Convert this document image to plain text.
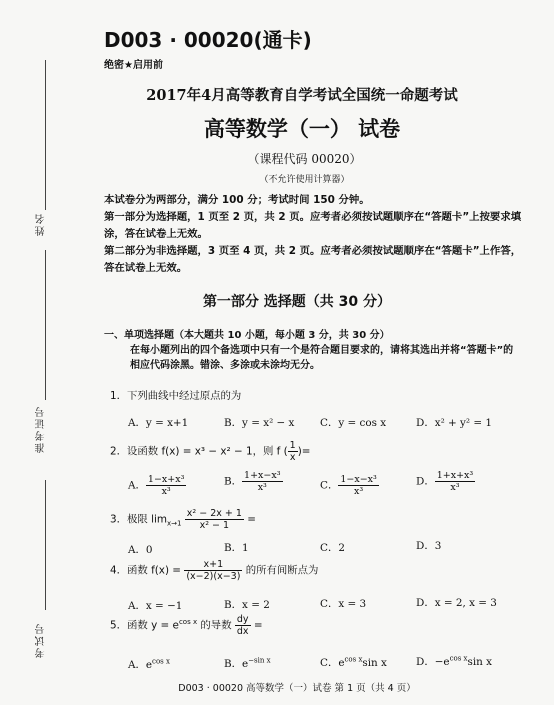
姓名
准考证号
考试号
D003 · 00020(通卡)
绝密★启用前
2017年4月高等教育自学考试全国统一命题考试
高等数学（一） 试卷
（课程代码 00020）
（不允许使用计算器）
本试卷分为两部分，满分 100 分；考试时间 150 分钟。
第一部分为选择题，1 页至 2 页，共 2 页。应考者必须按试题顺序在“答题卡”上按要求填涂，答在试卷上无效。
第二部分为非选择题，3 页至 4 页，共 2 页。应考者必须按试题顺序在“答题卡”上作答，答在试卷上无效。
第一部分 选择题（共 30 分）
一、单项选择题（本大题共 10 小题，每小题 3 分，共 30 分）
在每小题列出的四个备选项中只有一个是符合题目要求的，请将其选出并将“答题卡”的相应代码涂黑。错涂、多涂或未涂均无分。
1．下列曲线中经过原点的为
A．y = x+1	B．y = x² − x C．y = cos x	D．x² + y² = 1
2．设函数 f(x) = x³ − x² − 1，则 f ( $\frac{1}{x}$ )=
A． $\frac{\text{1−x+x³}}{\text{x³}}$	B． $\frac{\text{1+x−x³}}{\text{x³}}$	C． $\frac{\text{1−x−x³}}{\text{x³}}$	D． $\frac{\text{1+x+x³}}{\text{x³}}$
3．极限 $\lim_{x\to 1} \frac{\text{x² − 2x + 1}}{\text{x² − 1}}$ =
A．0	B．1	C．2	D．3
4．函数 $f(x) = \frac{x+1}{(x-2)(x-3)}$ 的所有间断点为
A．x = −1	B．x = 2	C．x = 3	D．x = 2, x = 3
5．函数 $y = e^{cos x}$ 的导数 $\frac{dy}{dx}$ =
A．$e^{cos x}$	B．$e^{-sin x}$	C．$e^{cos x}\sin$ x	D．$-e^{cos x}\sin$ x
D003 · 00020 高等数学（一）试卷 第 1 页（共 4 页）
